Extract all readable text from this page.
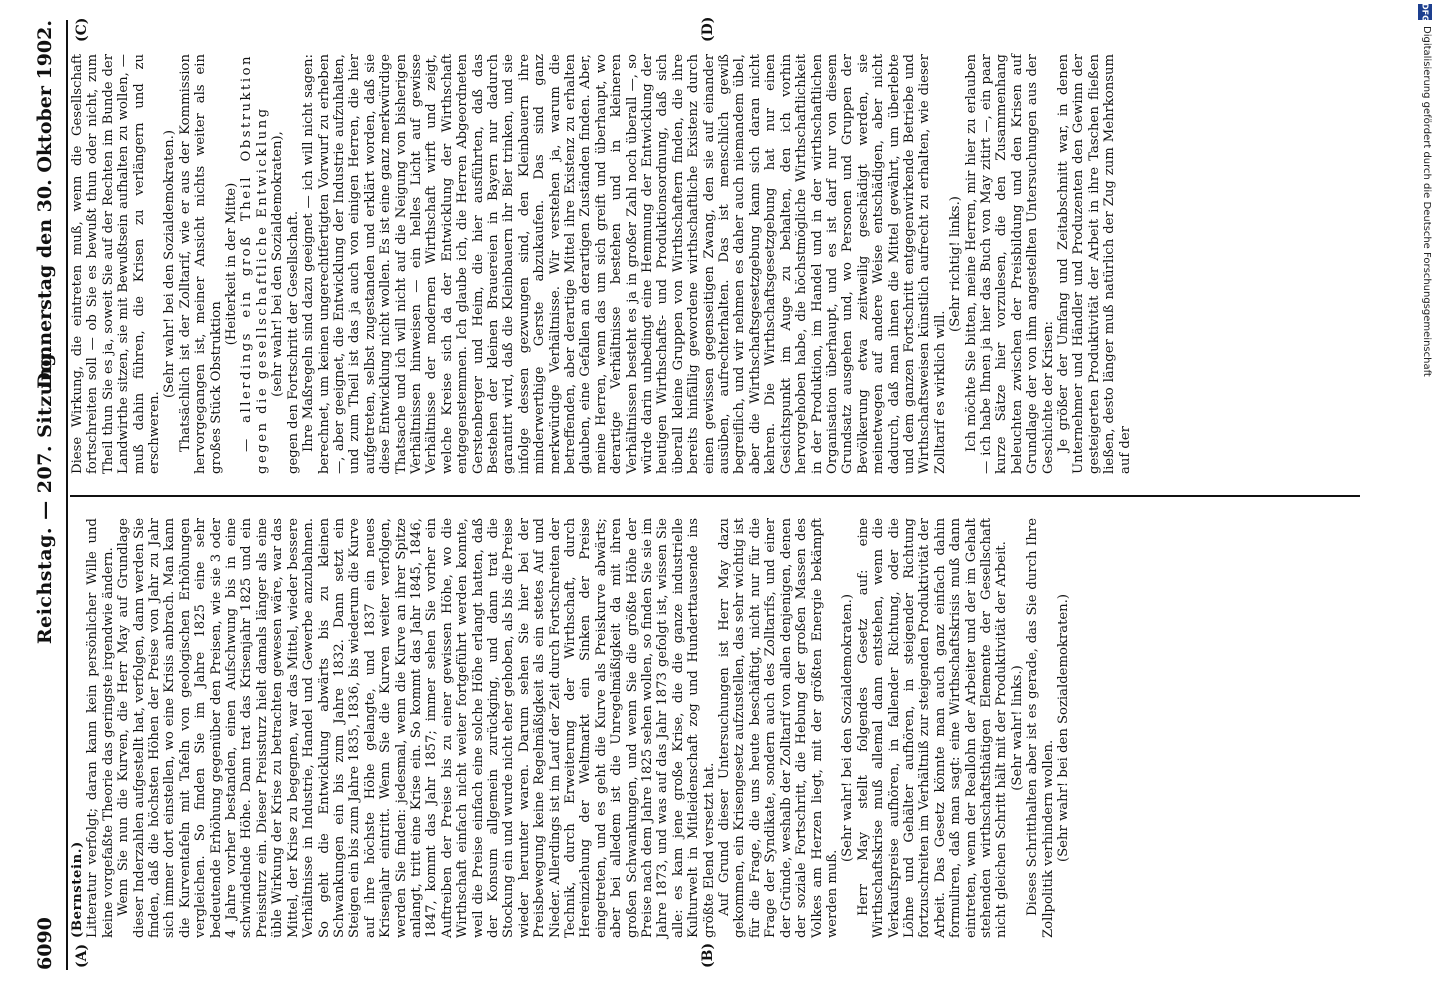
6090
Reichstag. — 207. Sitzung.
Donnerstag den 30. Oktober 1902.
(A)	(B)
(C)	(D)

(Bernstein.) Litteratur verfolgt; daran kann kein persönlicher Wille und keine vorgefaßte Theorie das geringste irgendwie ändern. Wenn Sie nun die Kurven, die Herr May auf Grundlage dieser Inderzahlen aufgestellt hat, verfolgen, dann werden Sie finden, daß die höchsten Höhen der Preise von Jahr zu Jahr sich immer dort einstellen, wo eine Krisis anbrach. Man kann die Kurventafeln mit Tafeln von geologischen Erhöhungen vergleichen. So finden Sie im Jahre 1825 eine sehr bedeutende Erhöhung gegenüber den Preisen, wie sie 3 oder 4 Jahre vorher bestanden, einen Aufschwung bis in eine schwindelnde Höhe. Dann trat das Krisenjahr 1825 und ein Preissturz ein. Dieser Preissturz hielt damals länger als eine üble Wirkung der Krise zu betrachten gewesen wäre, war das Mittel, der Krise zu begegnen, war das Mittel, wieder bessere Verhältnisse in Industrie, Handel und Gewerbe anzubahnen. So geht die Entwicklung abwärts bis zu kleinen Schwankungen ein bis zum Jahre 1832. Dann setzt ein Steigen ein bis zum Jahre 1835, 1836, bis wiederum die Kurve auf ihre höchste Höhe gelangte, und 1837 ein neues Krisenjahr eintritt. Wenn Sie die Kurven weiter verfolgen, werden Sie finden: jedesmal, wenn die Kurve an ihrer Spitze anlangt, tritt eine Krise ein. So kommt das Jahr 1845, 1846, 1847, kommt das Jahr 1857; immer sehen Sie vorher ein Auftreiben der Preise bis zu einer gewissen Höhe, wo die Wirthschaft einfach nicht weiter fortgeführt werden konnte, weil die Preise einfach eine solche Höhe erlangt hatten, daß der Konsum allgemein zurückging, und dann trat die Stockung ein und wurde nicht eher gehoben, als bis die Preise wieder herunter waren. Darum sehen Sie hier bei der Preisbewegung keine Regelmäßigkeit als ein stetes Auf und Nieder. Allerdings ist im Lauf der Zeit durch Fortschreiten der Technik, durch Erweiterung der Wirthschaft, durch Hereinziehung der Weltmarkt ein Sinken der Preise eingetreten, und es geht die Kurve als Preiskurve abwärts; aber bei alledem ist die Unregelmäßigkeit da mit ihren großen Schwankungen, und wenn Sie die größte Höhe der Preise nach dem Jahre 1825 sehen wollen, so finden Sie sie im Jahre 1873, und was auf das Jahr 1873 gefolgt ist, wissen Sie alle: es kam jene große Krise, die die ganze industrielle Kulturwelt in Mitleidenschaft zog und Hunderttausende ins größte Elend versetzt hat. Auf Grund dieser Untersuchungen ist Herr May dazu gekommen, ein Krisengesetz aufzustellen, das sehr wichtig ist für die Frage, die uns heute beschäftigt, nicht nur für die Frage der Syndikate, sondern auch des Zolltarifs, und einer der Gründe, weshalb der Zolltarif von allen denjenigen, denen der soziale Fortschritt, die Hebung der großen Massen des Volkes am Herzen liegt, mit der größten Energie bekämpft werden muß.

(Sehr wahr! bei den Sozialdemokraten.) Herr May stellt folgendes Gesetz auf: eine Wirthschaftskrise muß allemal dann entstehen, wenn die Verkaufspreise aufhören, in fallender Richtung, oder die Löhne und Gehälter aufhören, in steigender Richtung fortzuschreiten im Verhältniß zur steigenden Produktivität der Arbeit. Das Gesetz könnte man auch ganz einfach dahin formuliren, daß man sagt: eine Wirthschaftskrisis muß dann eintreten, wenn der Reallohn der Arbeiter und der im Gehalt stehenden wirthschaftsthätigen Elemente der Gesellschaft nicht gleichen Schritt hält mit der Produktivität der Arbeit. (Sehr wahr! links.) Dieses Schritthalten aber ist es gerade, das Sie durch Ihre Zollpolitik verhindern wollen. (Sehr wahr! bei den Sozialdemokraten.)

Diese Wirkung, die eintreten muß, wenn die Gesellschaft fortschreiten soll — ob Sie es bewußt thun oder nicht, zum Theil thun Sie es ja, soweit Sie auf der Rechten im Bunde der Landwirthe sitzen, sie mit Bewußtsein aufhalten zu wollen, — muß dahin führen, die Krisen zu verlängern und zu erschweren.

(Sehr wahr! bei den Sozialdemokraten.) Thatsächlich ist der Zolltarif, wie er aus der Kommission hervorgegangen ist, meiner Ansicht nichts weiter als ein großes Stück Obstruktion

(Heiterkeit in der Mitte) — allerdings ein groß Theil Obstruktion gegen die gesellschaftliche Entwicklung (sehr wahr! bei den Sozialdemokraten), gegen den Fortschritt der Gesellschaft. Ihre Maßregeln sind dazu geeignet — ich will nicht sagen: berechnet, um keinen ungerechtfertigten Vorwurf zu erheben —, aber geeignet, die Entwicklung der Industrie aufzuhalten, und zum Theil ist das ja auch von einigen Herren, die hier aufgetreten, selbst zugestanden und erklärt worden, daß sie diese Entwicklung nicht wollen. Es ist eine ganz merkwürdige Thatsache und ich will nicht auf die Neigung von bisherigen Verhältnissen hinweisen — ein helles Licht auf gewisse Verhältnisse der modernen Wirthschaft wirft und zeigt, welche Kreise sich da der Entwicklung der Wirthschaft entgegenstemmen. Ich glaube ich, die Herren Abgeordneten Gerstenberger und Heim, die hier ausführten, daß das Bestehen der kleinen Brauereien in Bayern nur dadurch garantirt wird, daß die Kleinbauern ihr Bier trinken, und sie infolge dessen gezwungen sind, den Kleinbauern ihre minderwerthige Gerste abzukaufen. Das sind ganz merkwürdige Verhältnisse. Wir verstehen ja, warum die betreffenden, aber derartige Mittel ihre Existenz zu erhalten glauben, eine Gefallen an derartigen Zuständen finden. Aber, meine Herren, wenn das um sich greift und überhaupt, wo derartige Verhältnisse bestehen und in kleineren Verhältnissen besteht es ja in großer Zahl noch überall —, so würde darin unbedingt eine Hemmung der Entwicklung der heutigen Wirthschafts- und Produktionsordnung, daß sich überall kleine Gruppen von Wirthschaftern finden, die ihre bereits hinfällig gewordene wirthschaftliche Existenz durch einen gewissen gegenseitigen Zwang, den sie auf einander ausüben, aufrechterhalten. Das ist menschlich gewiß begreiflich, und wir nehmen es daher auch niemandem übel, aber die Wirthschaftsgesetzgebung kann sich daran nicht kehren. Die Wirthschaftsgesetzgebung hat nur einen Gesichtspunkt im Auge zu behalten, den ich vorhin hervorgehoben habe, die höchstmögliche Wirthschaftlichkeit in der Produktion, im Handel und in der wirthschaftlichen Organisation überhaupt, und es ist darf nur von diesem Grundsatz ausgehen und, wo Personen und Gruppen der Bevölkerung etwa zeitweilig geschädigt werden, sie meinetwegen auf andere Weise entschädigen, aber nicht dadurch, daß man ihnen die Mittel gewährt, um überlebte und dem ganzen Fortschritt entgegenwirkende Betriebe und Wirthschaftsweisen künstlich aufrecht zu erhalten, wie dieser Zolltarif es wirklich will.

(Sehr richtig! links.) Ich möchte Sie bitten, meine Herren, mir hier zu erlauben — ich habe Ihnen ja hier das Buch von May zitirt —, ein paar kurze Sätze hier vorzulesen, die den Zusammenhang beleuchten zwischen der Preisbildung und den Krisen auf Grundlage der von ihm angestellten Untersuchungen aus der Geschichte der Krisen: Je größer der Umfang und Zeitabschnitt war, in denen Unternehmer und Händler und Produzenten den Gewinn der gesteigerten Produktivität der Arbeit in ihre Taschen fließen ließen, desto länger muß natürlich der Zug zum Mehrkonsum auf der

DFG
Digitalisierung gefördert durch die Deutsche Forschungsgemeinschaft
